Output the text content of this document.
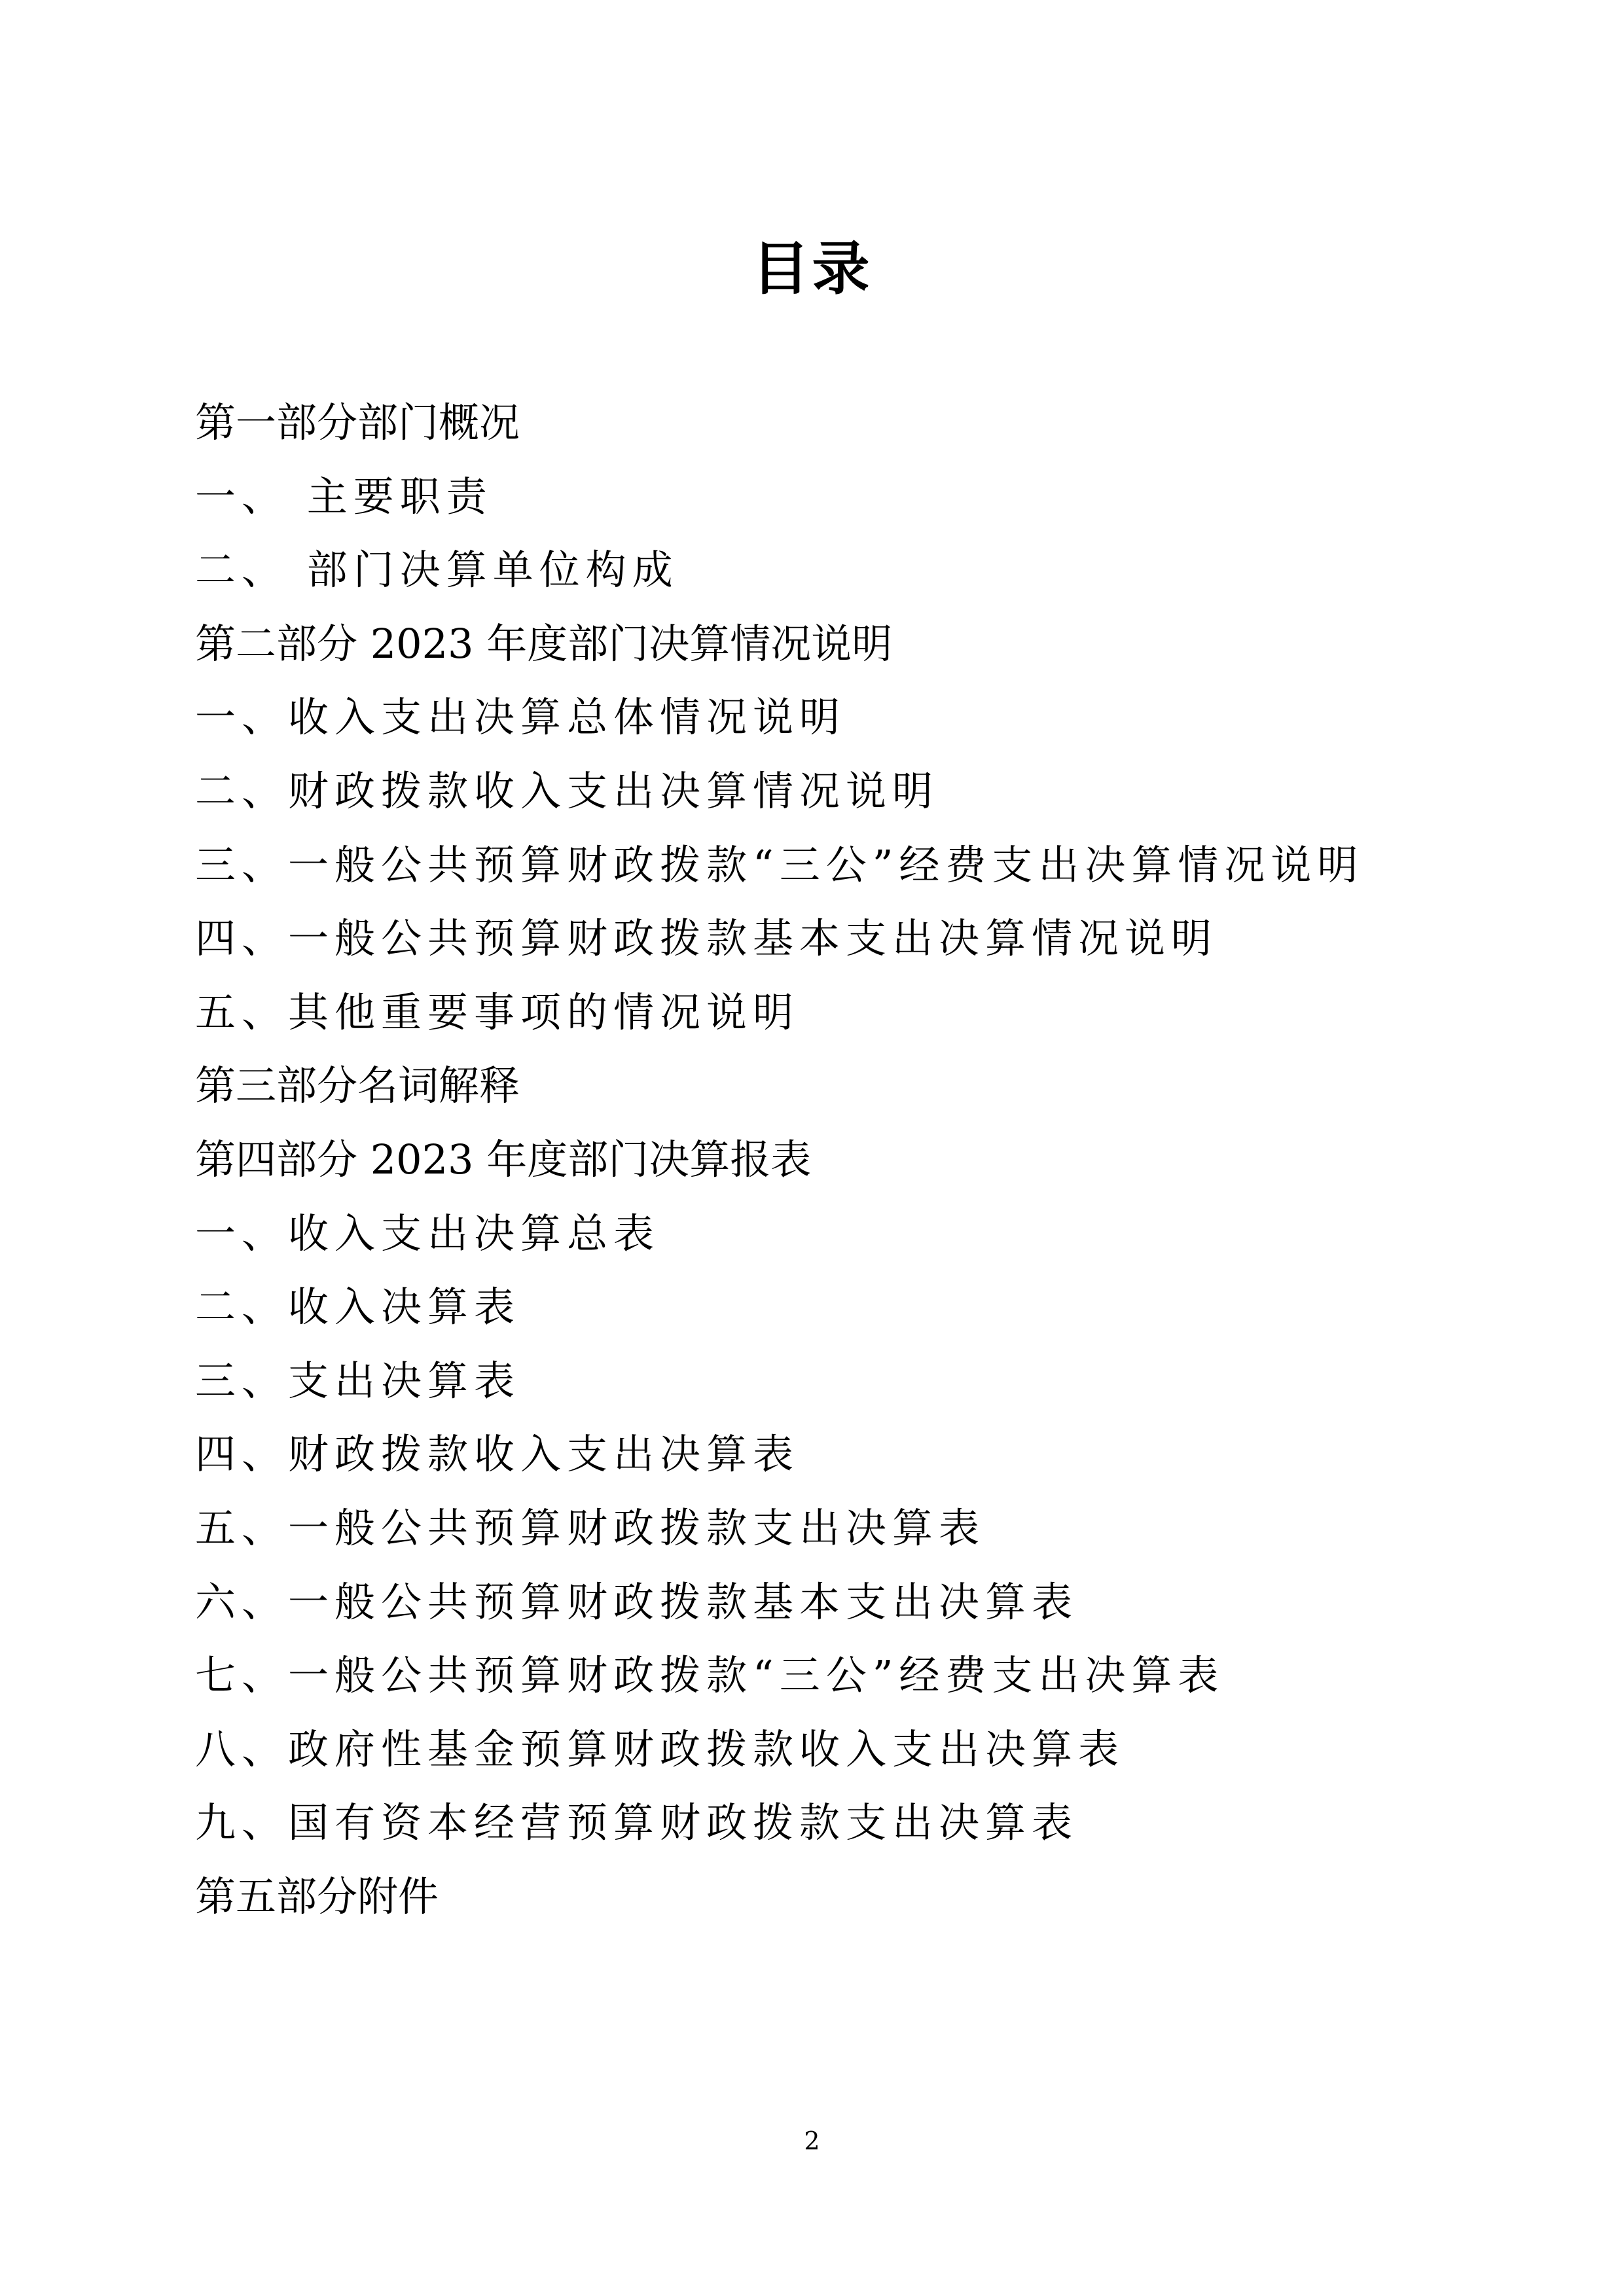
目录
第一部分部门概况
一、 主要职责
二、 部门决算单位构成
第二部分 2023 年度部门决算情况说明
一、收入支出决算总体情况说明
二、财政拨款收入支出决算情况说明
三、一般公共预算财政拨款“三公”经费支出决算情况说明
四、一般公共预算财政拨款基本支出决算情况说明
五、其他重要事项的情况说明
第三部分名词解释
第四部分 2023 年度部门决算报表
一、收入支出决算总表
二、收入决算表
三、支出决算表
四、财政拨款收入支出决算表
五、一般公共预算财政拨款支出决算表
六、一般公共预算财政拨款基本支出决算表
七、一般公共预算财政拨款“三公”经费支出决算表
八、政府性基金预算财政拨款收入支出决算表
九、国有资本经营预算财政拨款支出决算表
第五部分附件
2
